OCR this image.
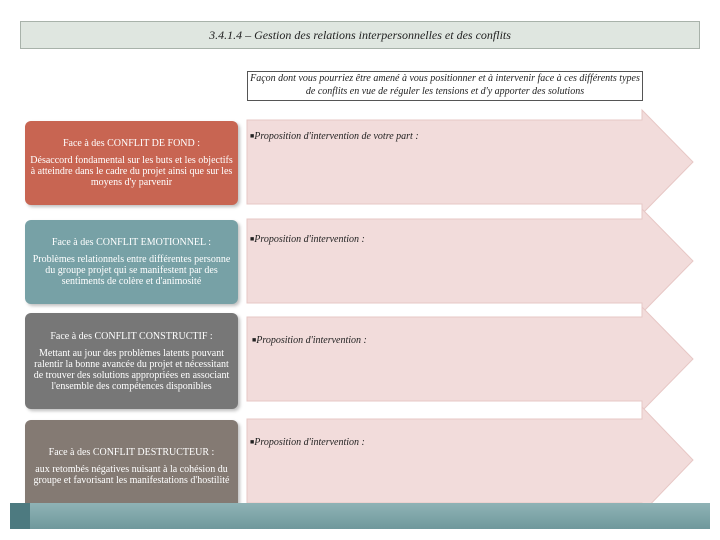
3.4.1.4 – Gestion des relations interpersonnelles et des conflits
Façon dont vous pourriez être amené à vous positionner et à intervenir face à ces différents types de conflits en vue de réguler les tensions et d'y apporter des solutions
■Proposition d'intervention de votre part :
■Proposition d'intervention :
■Proposition d'intervention :
■Proposition d'intervention :
Face à des CONFLIT DE FOND :
Désaccord fondamental sur les buts et les objectifs à atteindre dans le cadre du projet ainsi que sur les moyens d'y parvenir
Face à des CONFLIT EMOTIONNEL :
Problèmes relationnels entre différentes personne du groupe projet qui se manifestent par des sentiments de colère et d'animosité
Face à des CONFLIT CONSTRUCTIF :
Mettant au jour des problèmes latents pouvant ralentir la bonne avancée du projet et nécessitant de trouver des solutions appropriées en associant l'ensemble des compétences disponibles
Face à des CONFLIT DESTRUCTEUR :
aux retombés négatives nuisant à la cohésion du groupe et favorisant les manifestations d'hostilité
